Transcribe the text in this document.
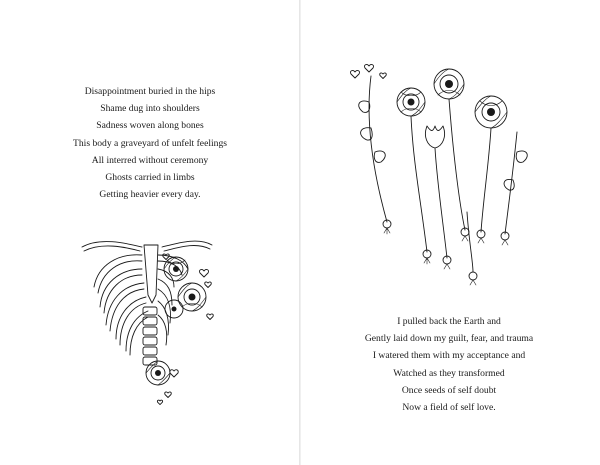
Disappointment buried in the hips
Shame dug into shoulders
Sadness woven along bones
This body a graveyard of unfelt feelings
All interred without ceremony
Ghosts carried in limbs
Getting heavier every day.
I pulled back the Earth and
Gently laid down my guilt, fear, and trauma
I watered them with my acceptance and
Watched as they transformed
Once seeds of self doubt
Now a field of self love.
